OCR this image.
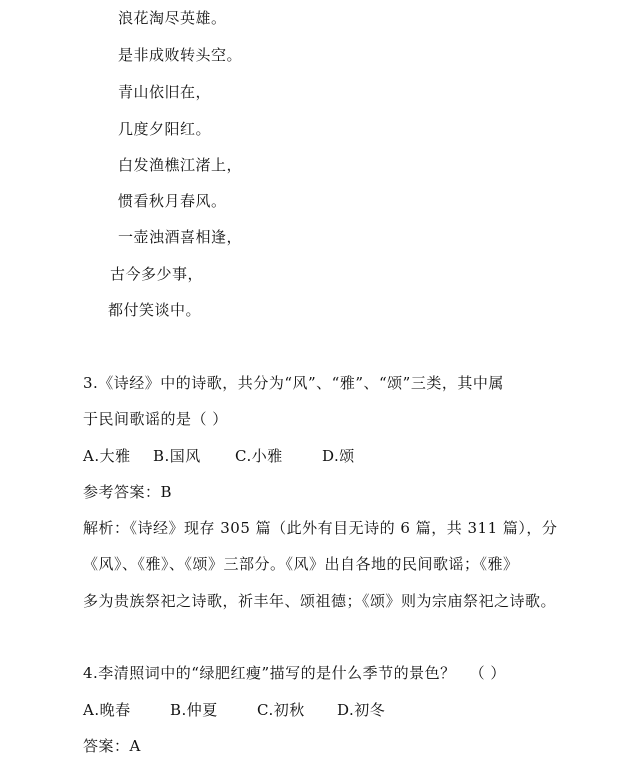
浪花淘尽英雄。
是非成败转头空。
青山依旧在，
几度夕阳红。
白发渔樵江渚上，
惯看秋月春风。
一壶浊酒喜相逢，
古今多少事，
都付笑谈中。
3.《诗经》中的诗歌，共分为“风”、“雅”、“颂”三类，其中属
于民间歌谣的是（ ）
A.大雅 B.国风 C.小雅	D.颂
参考答案：B
解析：《诗经》现存 305 篇（此外有目无诗的 6 篇，共 311 篇），分
《风》、《雅》、《颂》三部分。《风》出自各地的民间歌谣；《雅》
多为贵族祭祀之诗歌，祈丰年、颂祖德；《颂》则为宗庙祭祀之诗歌。
4.李清照词中的“绿肥红瘦”描写的是什么季节的景色？ （ ）
A.晚春	B.仲夏	C.初秋 D.初冬
答案：A
